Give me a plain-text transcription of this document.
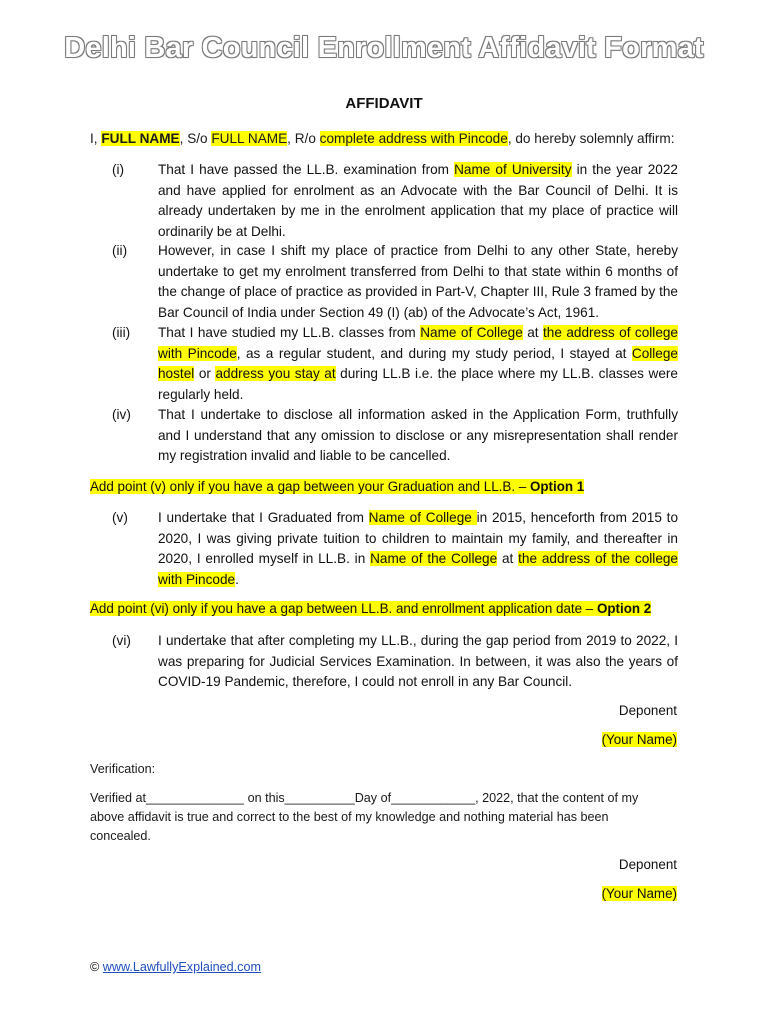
Delhi Bar Council Enrollment Affidavit Format
AFFIDAVIT
I, FULL NAME, S/o FULL NAME, R/o complete address with Pincode, do hereby solemnly affirm:
(i)	That I have passed the LL.B. examination from Name of University in the year 2022 and have applied for enrolment as an Advocate with the Bar Council of Delhi. It is already undertaken by me in the enrolment application that my place of practice will ordinarily be at Delhi.
(ii)	However, in case I shift my place of practice from Delhi to any other State, hereby undertake to get my enrolment transferred from Delhi to that state within 6 months of the change of place of practice as provided in Part-V, Chapter III, Rule 3 framed by the Bar Council of India under Section 49 (I) (ab) of the Advocate’s Act, 1961.
(iii)	That I have studied my LL.B. classes from Name of College at the address of college with Pincode, as a regular student, and during my study period, I stayed at College hostel or address you stay at during LL.B i.e. the place where my LL.B. classes were regularly held.
(iv)	That I undertake to disclose all information asked in the Application Form, truthfully and I understand that any omission to disclose or any misrepresentation shall render my registration invalid and liable to be cancelled.
Add point (v) only if you have a gap between your Graduation and LL.B. – Option 1
(v)	I undertake that I Graduated from Name of College in 2015, henceforth from 2015 to 2020, I was giving private tuition to children to maintain my family, and thereafter in 2020, I enrolled myself in LL.B. in Name of the College at the address of the college with Pincode.
Add point (vi) only if you have a gap between LL.B. and enrollment application date – Option 2
(vi)	I undertake that after completing my LL.B., during the gap period from 2019 to 2022, I was preparing for Judicial Services Examination. In between, it was also the years of COVID-19 Pandemic, therefore, I could not enroll in any Bar Council.
Deponent
(Your Name)
Verification:
Verified at______________ on this__________Day of____________, 2022, that the content of my above affidavit is true and correct to the best of my knowledge and nothing material has been concealed.
Deponent
(Your Name)
© www.LawfullyExplained.com
